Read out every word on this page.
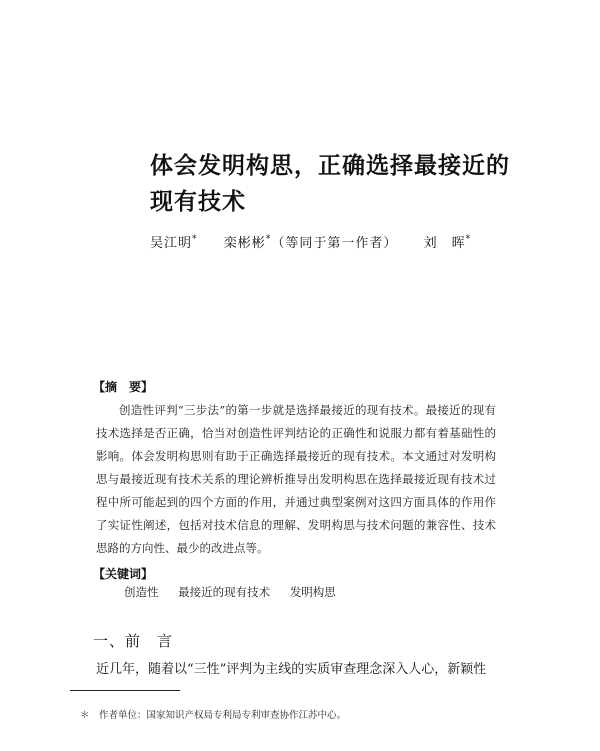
体会发明构思，正确选择最接近的现有技术
吴江明* 栾彬彬*（等同于第一作者） 刘　晖*
【摘　要】

创造性评判“三步法”的第一步就是选择最接近的现有技术。最接近的现有技术选择是否正确，恰当对创造性评判结论的正确性和说服力都有着基础性的影响。体会发明构思则有助于正确选择最接近的现有技术。本文通过对发明构思与最接近现有技术关系的理论辨析推导出发明构思在选择最接近现有技术过程中所可能起到的四个方面的作用，并通过典型案例对这四方面具体的作用作了实证性阐述，包括对技术信息的理解、发明构思与技术问题的兼容性、技术思路的方向性、最少的改进点等。

【关键词】
创造性 最接近的现有技术 发明构思
一、前　言

近几年，随着以“三性”评判为主线的实质审查理念深入人心，新颖性

＊　作者单位：国家知识产权局专利局专利审查协作江苏中心。
